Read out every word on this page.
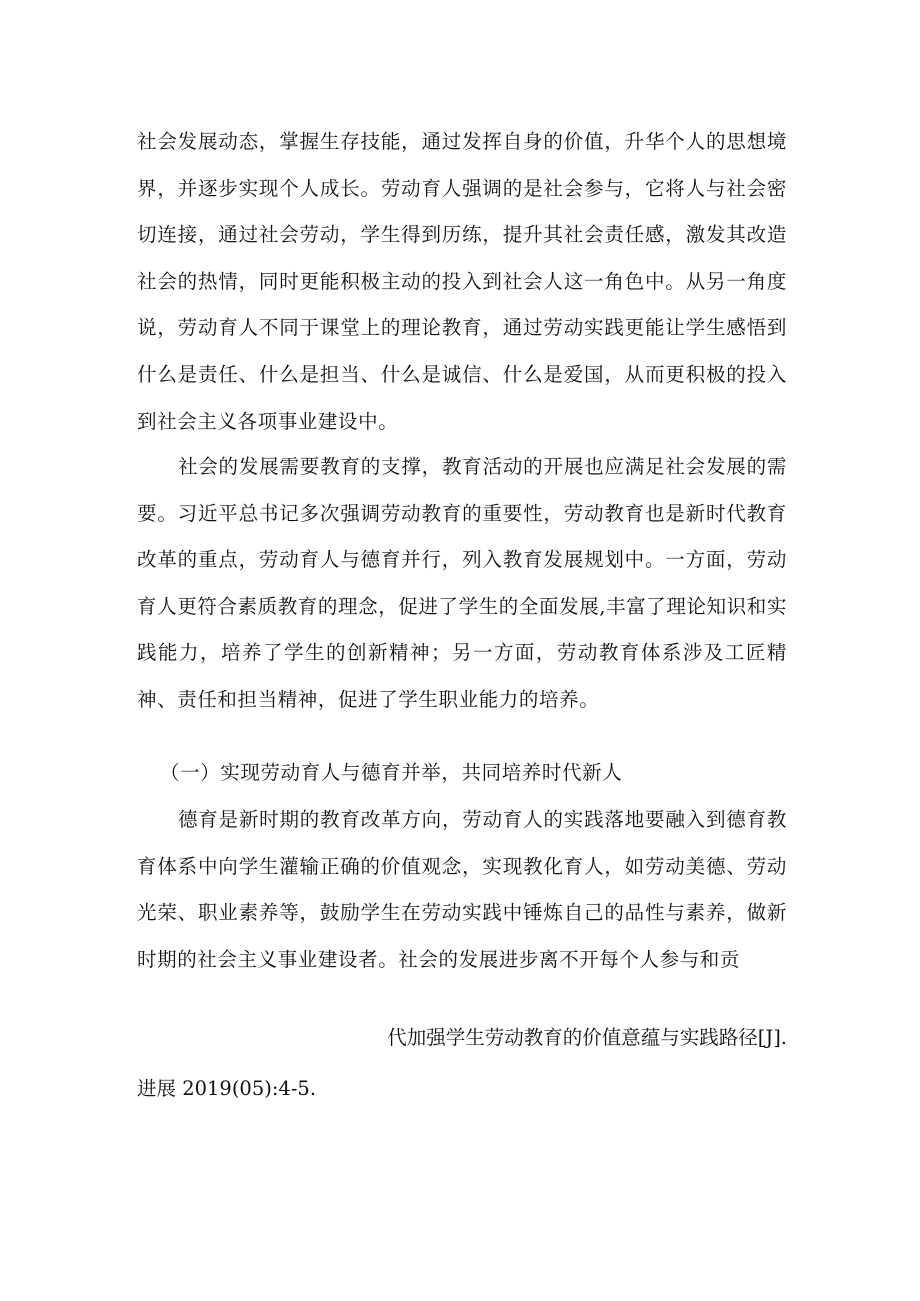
社会发展动态，掌握生存技能，通过发挥自身的价值，升华个人的思想境界，并逐步实现个人成长。劳动育人强调的是社会参与，它将人与社会密切连接，通过社会劳动，学生得到历练，提升其社会责任感，激发其改造社会的热情，同时更能积极主动的投入到社会人这一角色中。从另一角度说，劳动育人不同于课堂上的理论教育，通过劳动实践更能让学生感悟到什么是责任、什么是担当、什么是诚信、什么是爱国，从而更积极的投入到社会主义各项事业建设中。

社会的发展需要教育的支撑，教育活动的开展也应满足社会发展的需要。习近平总书记多次强调劳动教育的重要性，劳动教育也是新时代教育改革的重点，劳动育人与德育并行，列入教育发展规划中。一方面，劳动育人更符合素质教育的理念，促进了学生的全面发展,丰富了理论知识和实践能力，培养了学生的创新精神；另一方面，劳动教育体系涉及工匠精神、责任和担当精神，促进了学生职业能力的培养。

（一）实现劳动育人与德育并举，共同培养时代新人

德育是新时期的教育改革方向，劳动育人的实践落地要融入到德育教育体系中向学生灌输正确的价值观念，实现教化育人，如劳动美德、劳动光荣、职业素养等，鼓励学生在劳动实践中锤炼自己的品性与素养，做新时期的社会主义事业建设者。社会的发展进步离不开每个人参与和贡

代加强学生劳动教育的价值意蕴与实践路径[J].

进展 2019(05):4-5.
